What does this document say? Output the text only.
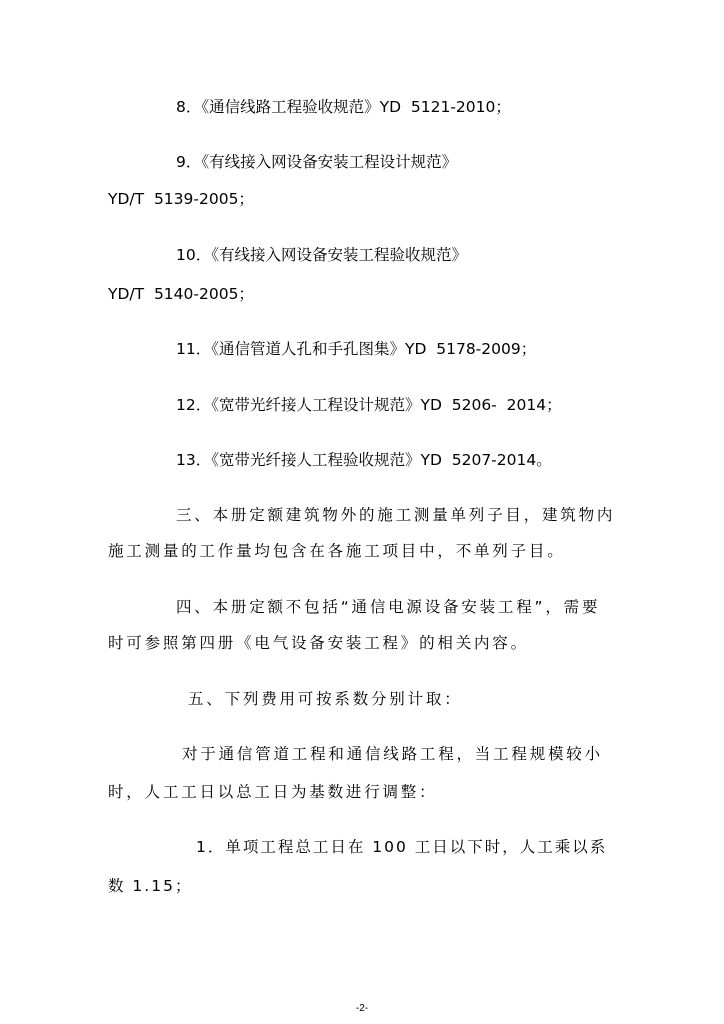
8．《通信线路工程验收规范》YD  5121-2010；
9．《有线接入网设备安装工程设计规范》
YD/T  5139-2005；
10．《有线接入网设备安装工程验收规范》
YD/T  5140-2005；
11．《通信管道人孔和手孔图集》YD  5178-2009；
12．《宽带光纤接人工程设计规范》YD  5206-  2014；
13．《宽带光纤接人工程验收规范》YD  5207-2014。
三、本册定额建筑物外的施工测量单列子目，建筑物内
施工测量的工作量均包含在各施工项目中，不单列子目。
四、本册定额不包括“通信电源设备安装工程”，需要
时可参照第四册《电气设备安装工程》的相关内容。
五、下列费用可按系数分别计取：
对于通信管道工程和通信线路工程，当工程规模较小
时，人工工日以总工日为基数进行调整：
1．单项工程总工日在 100 工日以下时，人工乘以系
数 1.15；
-2-
